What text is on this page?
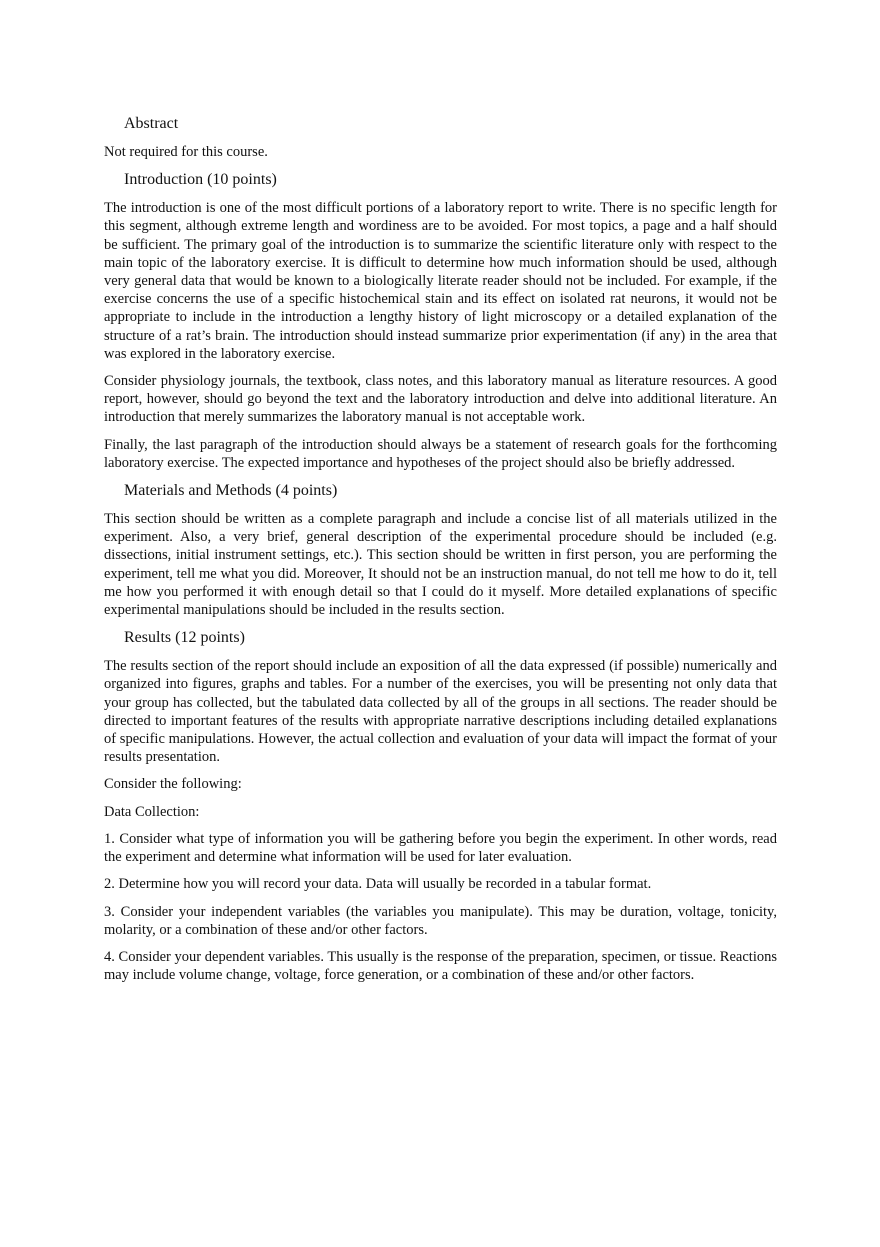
Abstract

Not required for this course.

Introduction (10 points)

The introduction is one of the most difficult portions of a laboratory report to write. There is no specific length for this segment, although extreme length and wordiness are to be avoided. For most topics, a page and a half should be sufficient. The primary goal of the introduction is to summarize the scientific literature only with respect to the main topic of the laboratory exercise. It is difficult to determine how much information should be used, although very general data that would be known to a biologically literate reader should not be included. For example, if the exercise concerns the use of a specific histochemical stain and its effect on isolated rat neurons, it would not be appropriate to include in the introduction a lengthy history of light microscopy or a detailed explanation of the structure of a rat’s brain. The introduction should instead summarize prior experimentation (if any) in the area that was explored in the laboratory exercise.

Consider physiology journals, the textbook, class notes, and this laboratory manual as literature resources. A good report, however, should go beyond the text and the laboratory introduction and delve into additional literature. An introduction that merely summarizes the laboratory manual is not acceptable work.

Finally, the last paragraph of the introduction should always be a statement of research goals for the forthcoming laboratory exercise. The expected importance and hypotheses of the project should also be briefly addressed.

Materials and Methods (4 points)

This section should be written as a complete paragraph and include a concise list of all materials utilized in the experiment. Also, a very brief, general description of the experimental procedure should be included (e.g. dissections, initial instrument settings, etc.). This section should be written in first person, you are performing the experiment, tell me what you did. Moreover, It should not be an instruction manual, do not tell me how to do it, tell me how you performed it with enough detail so that I could do it myself. More detailed explanations of specific experimental manipulations should be included in the results section.

Results (12 points)

The results section of the report should include an exposition of all the data expressed (if possible) numerically and organized into figures, graphs and tables. For a number of the exercises, you will be presenting not only data that your group has collected, but the tabulated data collected by all of the groups in all sections. The reader should be directed to important features of the results with appropriate narrative descriptions including detailed explanations of specific manipulations. However, the actual collection and evaluation of your data will impact the format of your results presentation.

Consider the following:

Data Collection:

1. Consider what type of information you will be gathering before you begin the experiment. In other words, read the experiment and determine what information will be used for later evaluation.

2. Determine how you will record your data. Data will usually be recorded in a tabular format.

3. Consider your independent variables (the variables you manipulate). This may be duration, voltage, tonicity, molarity, or a combination of these and/or other factors.

4. Consider your dependent variables. This usually is the response of the preparation, specimen, or tissue. Reactions may include volume change, voltage, force generation, or a combination of these and/or other factors.
